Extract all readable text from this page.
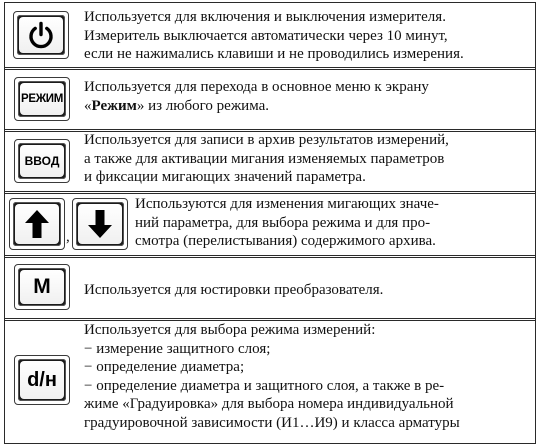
Используется для включения и выключения измерителя.
Измеритель выключается автоматически через 10 минут,
если не нажимались клавиши и не проводились измерения.
РЕЖИМ
Используется для перехода в основное меню к экрану
«Режим» из любого режима.
ВВОД
Используется для записи в архив результатов измерений,
а также для активации мигания изменяемых параметров
и фиксации мигающих значений параметра.
,
Используются для изменения мигающих значе-
ний параметра, для выбора режима и для про-
смотра (перелистывания) содержимого архива.
М	Используется для юстировки преобразователя.
d/н
Используется для выбора режима измерений:
− измерение защитного слоя;
− определение диаметра;
− определение диаметра и защитного слоя, а также в ре-
жиме «Градуировка» для выбора номера индивидуальной
градуировочной зависимости (И1…И9) и класса арматуры
